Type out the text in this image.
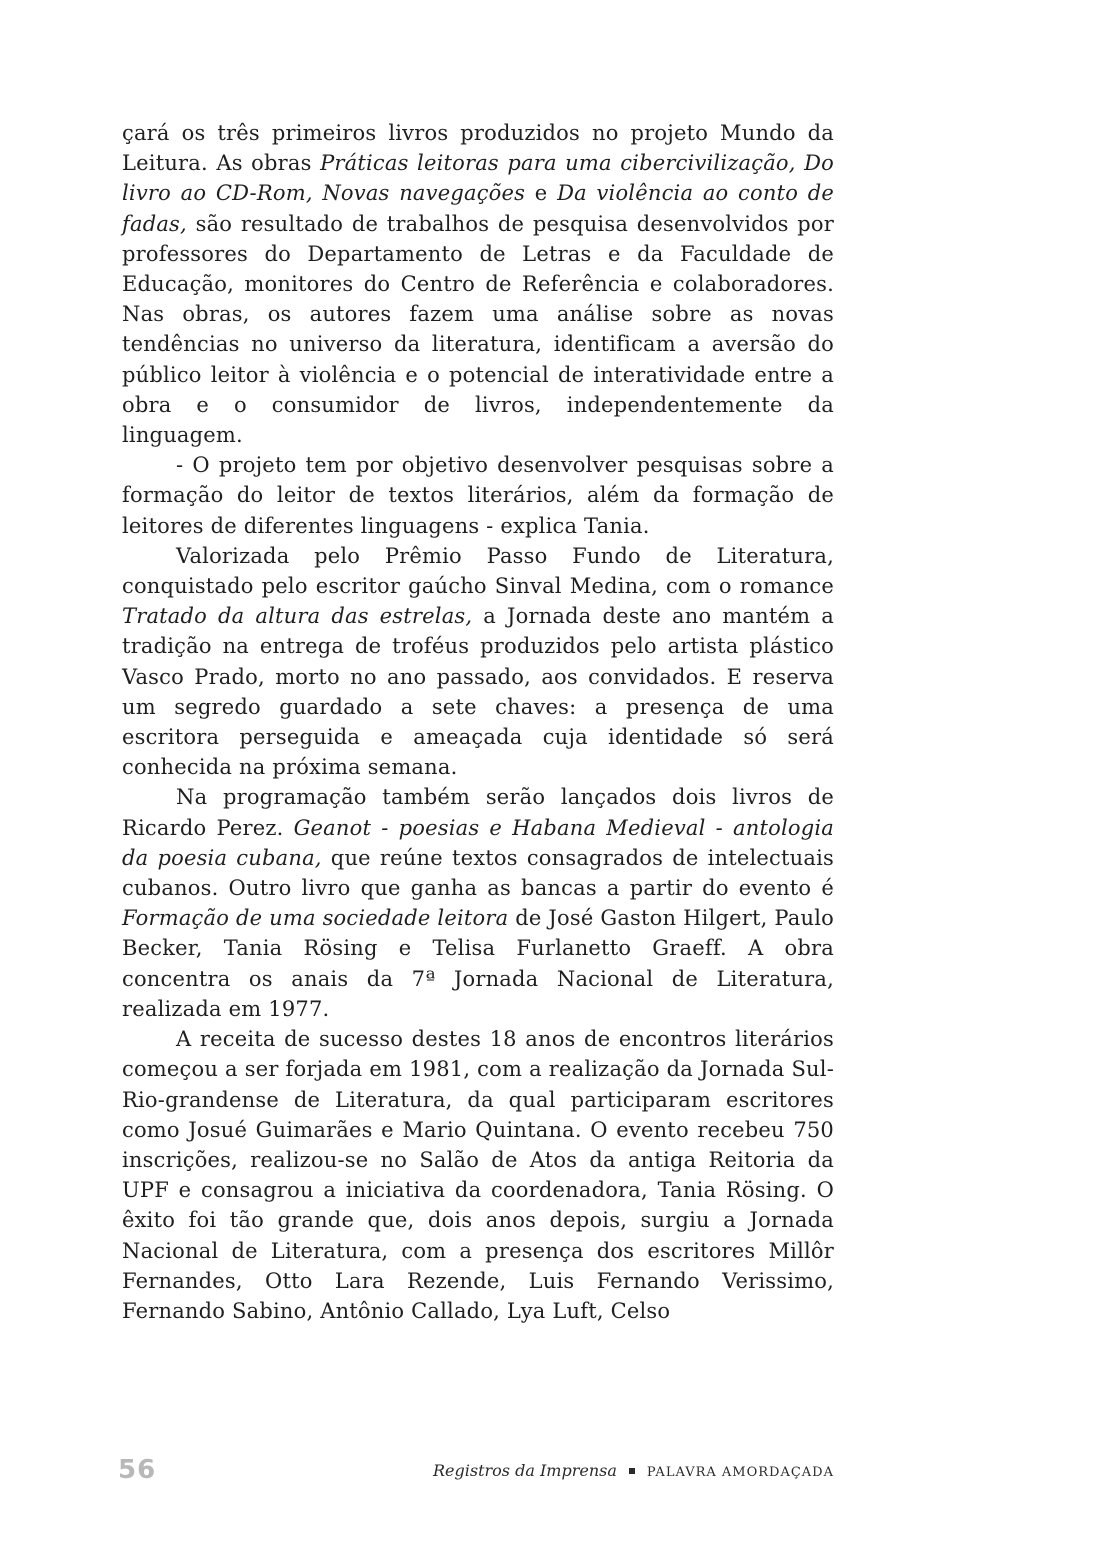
çará os três primeiros livros produzidos no projeto Mundo da Leitura. As obras Práticas leitoras para uma cibercivilização, Do livro ao CD-Rom, Novas navegações e Da violência ao conto de fadas, são resultado de trabalhos de pesquisa desenvolvidos por professores do Departamento de Letras e da Faculdade de Educação, monitores do Centro de Referência e colaboradores. Nas obras, os autores fazem uma análise sobre as novas tendências no universo da literatura, identificam a aversão do público leitor à violência e o potencial de interatividade entre a obra e o consumidor de livros, independentemente da linguagem.

- O projeto tem por objetivo desenvolver pesquisas sobre a formação do leitor de textos literários, além da formação de leitores de diferentes linguagens - explica Tania.

Valorizada pelo Prêmio Passo Fundo de Literatura, conquistado pelo escritor gaúcho Sinval Medina, com o romance Tratado da altura das estrelas, a Jornada deste ano mantém a tradição na entrega de troféus produzidos pelo artista plástico Vasco Prado, morto no ano passado, aos convidados. E reserva um segredo guardado a sete chaves: a presença de uma escritora perseguida e ameaçada cuja identidade só será conhecida na próxima semana.

Na programação também serão lançados dois livros de Ricardo Perez. Geanot - poesias e Habana Medieval - antologia da poesia cubana, que reúne textos consagrados de intelectuais cubanos. Outro livro que ganha as bancas a partir do evento é Formação de uma sociedade leitora de José Gaston Hilgert, Paulo Becker, Tania Rösing e Telisa Furlanetto Graeff. A obra concentra os anais da 7ª Jornada Nacional de Literatura, realizada em 1977.

A receita de sucesso destes 18 anos de encontros literários começou a ser forjada em 1981, com a realização da Jornada Sul-Rio-grandense de Literatura, da qual participaram escritores como Josué Guimarães e Mario Quintana. O evento recebeu 750 inscrições, realizou-se no Salão de Atos da antiga Reitoria da UPF e consagrou a iniciativa da coordenadora, Tania Rösing. O êxito foi tão grande que, dois anos depois, surgiu a Jornada Nacional de Literatura, com a presença dos escritores Millôr Fernandes, Otto Lara Rezende, Luis Fernando Verissimo, Fernando Sabino, Antônio Callado, Lya Luft, Celso

56	Registros da Imprensa PALAVRA AMORDAÇADA
